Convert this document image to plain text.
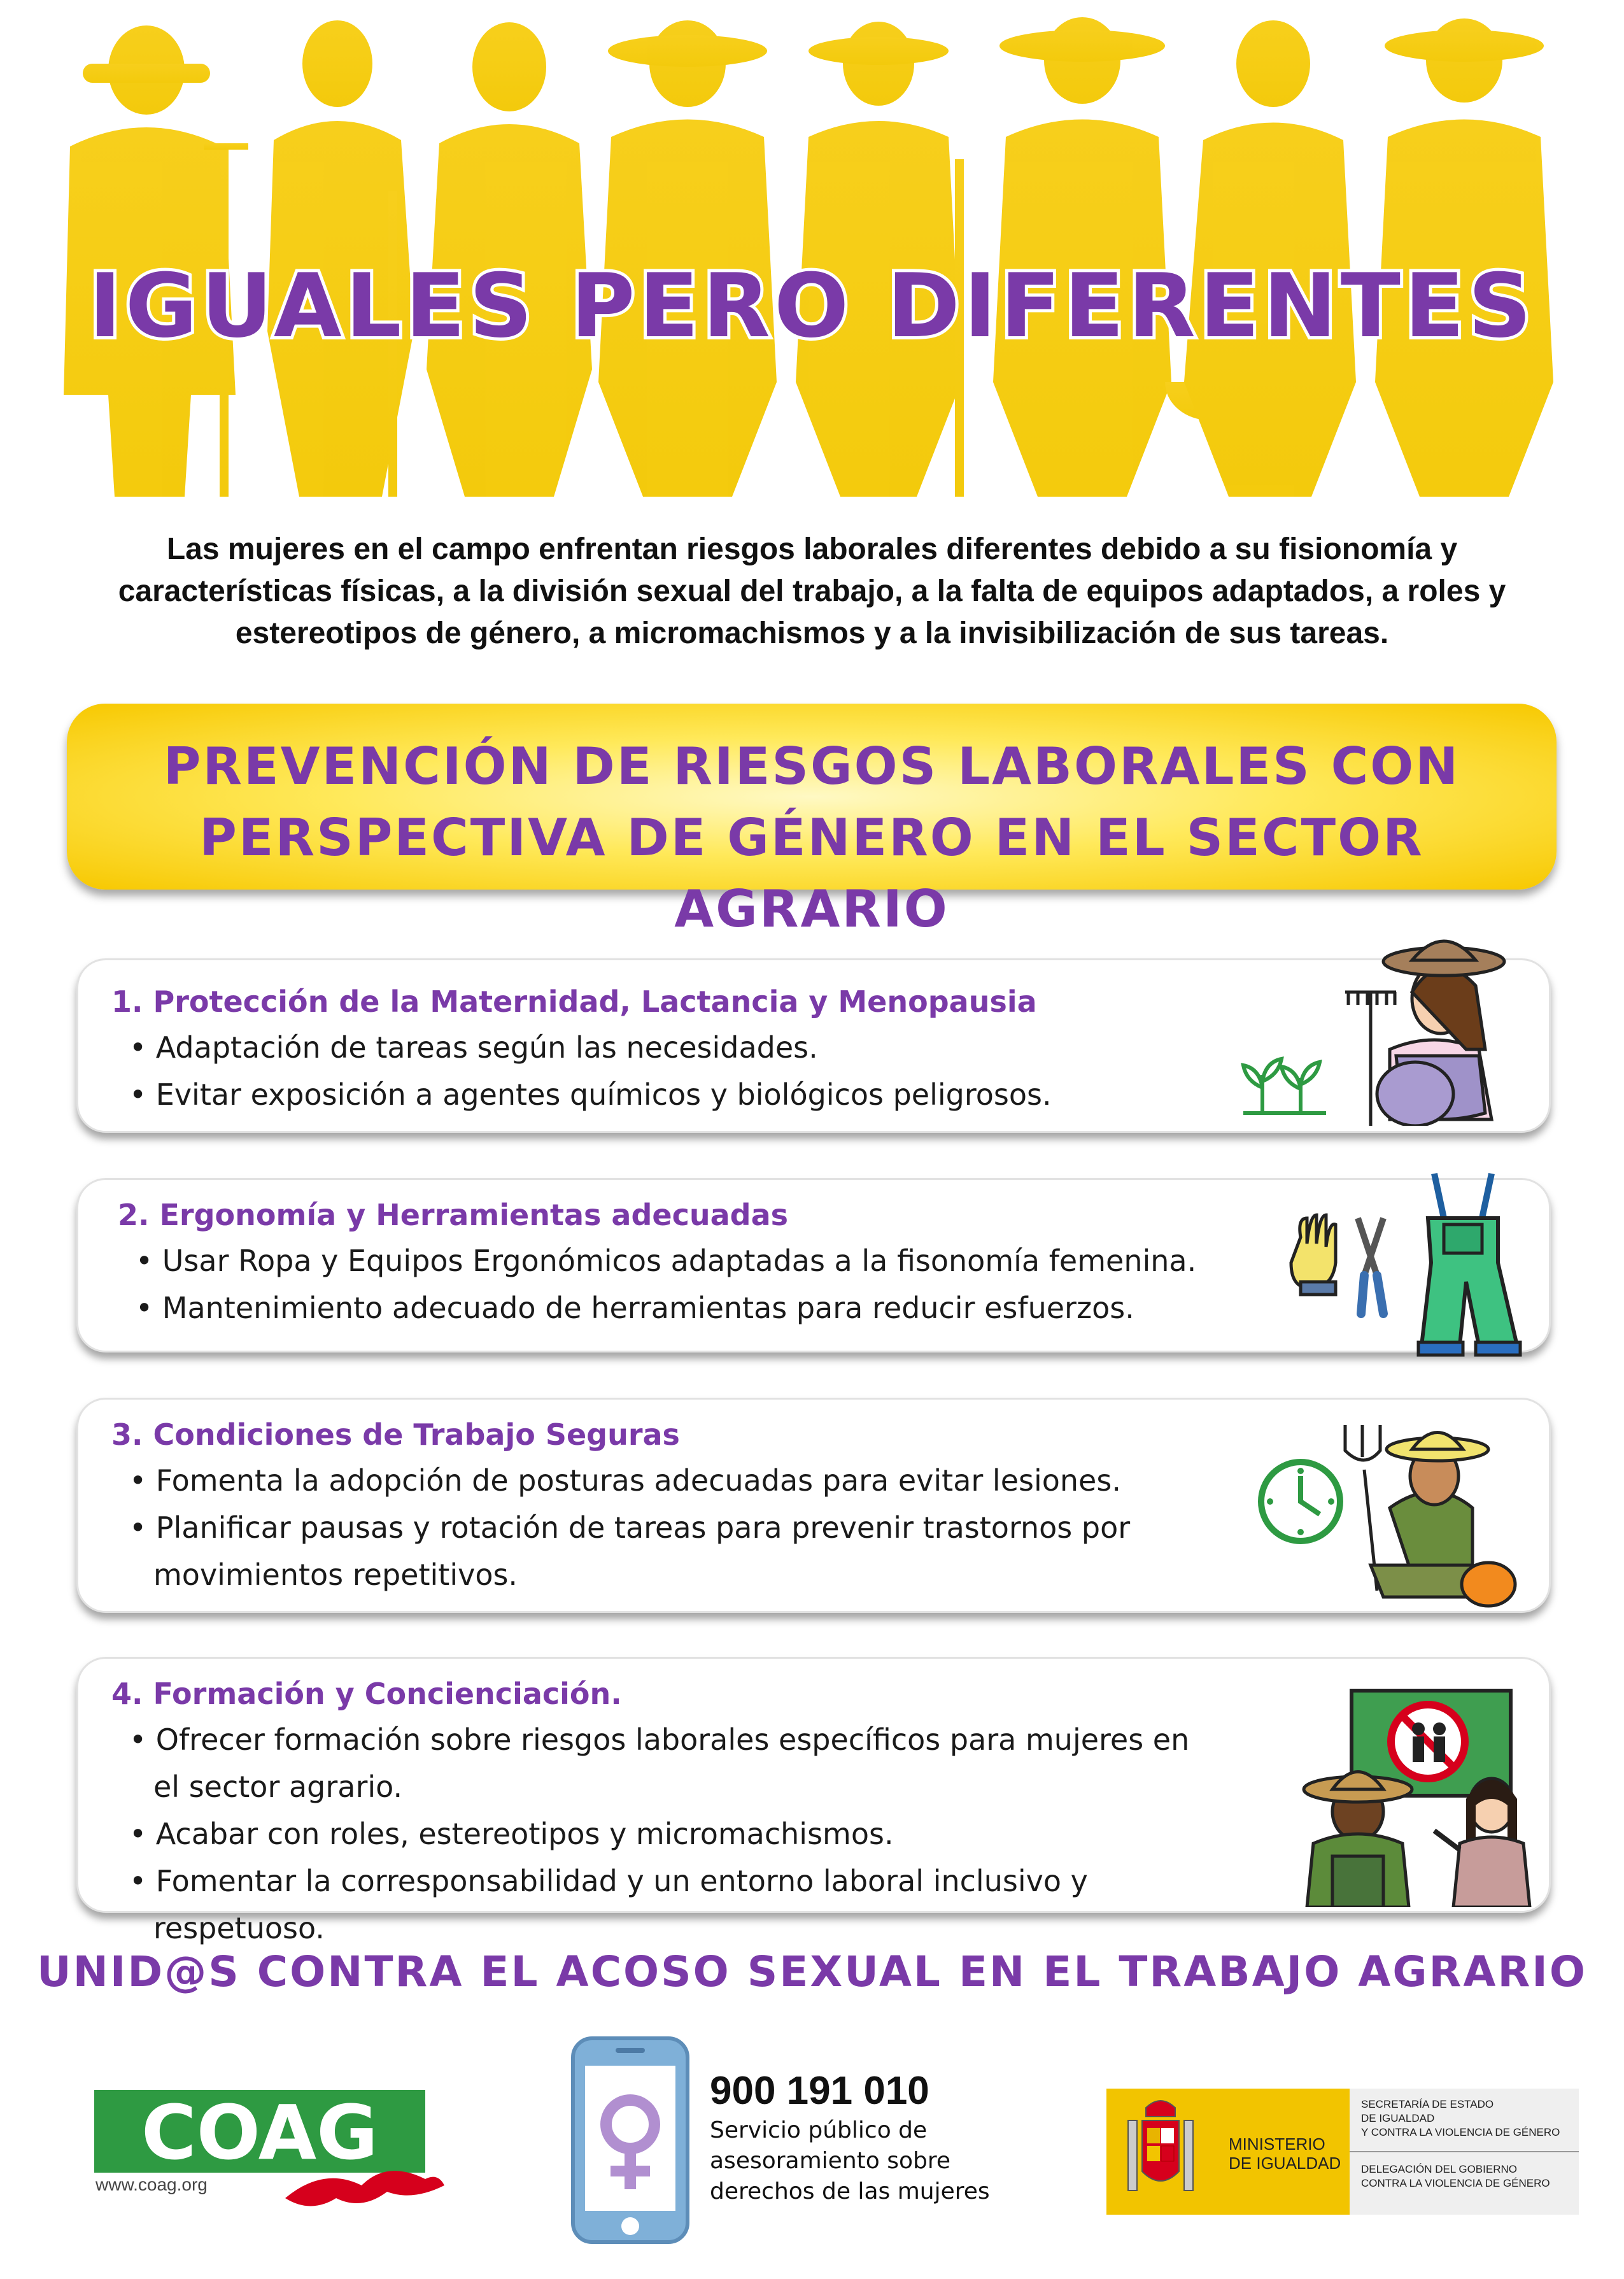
IGUALES PERO DIFERENTES
Las mujeres en el campo enfrentan riesgos laborales diferentes debido a su fisionomía y características físicas, a la división sexual del trabajo, a la falta de equipos adaptados, a roles y estereotipos de género, a micromachismos y a la invisibilización de sus tareas.
PREVENCIÓN DE RIESGOS LABORALES CON
PERSPECTIVA DE GÉNERO EN EL SECTOR AGRARIO
1. Protección de la Maternidad, Lactancia y Menopausia
• Adaptación de tareas según las necesidades.
• Evitar exposición a agentes químicos y biológicos peligrosos.
2. Ergonomía y Herramientas adecuadas
• Usar Ropa y Equipos Ergonómicos adaptadas a la fisonomía femenina.
• Mantenimiento adecuado de herramientas para reducir esfuerzos.
3. Condiciones de Trabajo Seguras
• Fomenta la adopción de posturas adecuadas para evitar lesiones.
• Planificar pausas y rotación de tareas para prevenir trastornos por movimientos repetitivos.
4. Formación y Concienciación.
• Ofrecer formación sobre riesgos laborales específicos para mujeres en el sector agrario.
• Acabar con roles, estereotipos y micromachismos.
• Fomentar la corresponsabilidad y un entorno laboral inclusivo y respetuoso.
UNID@S CONTRA EL ACOSO SEXUAL EN EL TRABAJO AGRARIO
COAG
www.coag.org
900 191 010
Servicio público de
asesoramiento sobre
derechos de las mujeres
MINISTERIO
DE IGUALDAD
SECRETARÍA DE ESTADO
DE IGUALDAD
Y CONTRA LA VIOLENCIA DE GÉNERO
DELEGACIÓN DEL GOBIERNO
CONTRA LA VIOLENCIA DE GÉNERO
